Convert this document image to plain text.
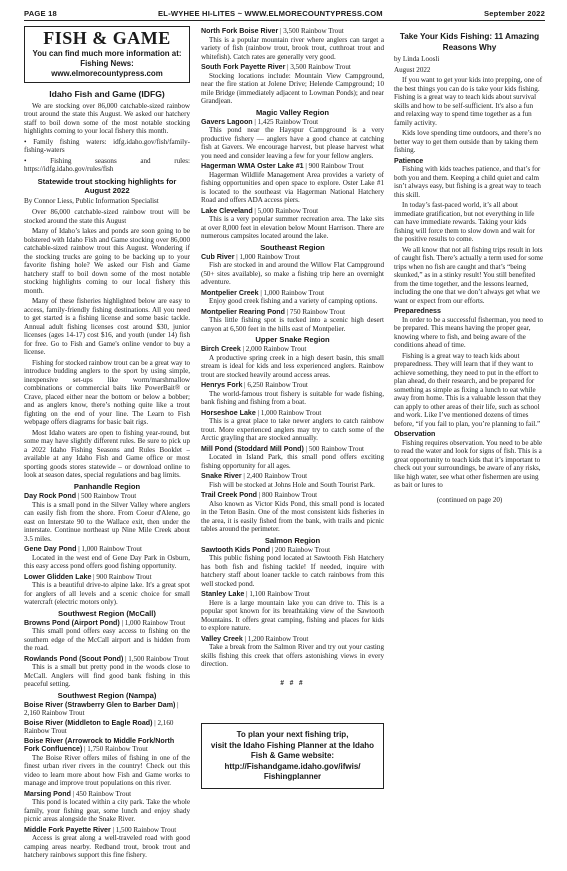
PAGE 18	EL-WYHEE HI-LITES ~ WWW.ELMORECOUNTYPRESS.COM	September 2022
FISH & GAME
You can find much more information at:
Fishing News: www.elmorecountypress.com
Idaho Fish and Game (IDFG)

We are stocking over 86,000 catchable-sized rainbow trout around the state this August. We asked our hatchery staff to boil down some of the most notable stocking highlights coming to your local fishery this month.

• Family fishing waters: idfg.idaho.gov/fish/family-fishing-waters

• Fishing seasons and rules: https://idfg.idaho.gov/rules/fish

Statewide trout stocking highlights for August 2022

By Connor Liess, Public Information Specialist

Over 86,000 catchable-sized rainbow trout will be stocked around the state this August

Many of Idaho’s lakes and ponds are soon going to be bolstered with Idaho Fish and Game stocking over 86,000 catchable-sized rainbow trout this August. Wondering if the stocking trucks are going to be backing up to your favorite fishing hole? We asked our Fish and Game hatchery staff to boil down some of the most notable stocking highlights coming to our local fishery this month.

Many of these fisheries highlighted below are easy to access, family-friendly fishing destinations. All you need to get started is a fishing license and some basic tackle. Annual adult fishing licenses cost around $30, junior licenses (ages 14-17) cost $16, and youth (under 14) fish for free. Go to Fish and Game's online vendor to buy a license.

Fishing for stocked rainbow trout can be a great way to introduce budding anglers to the sport by using simple, inexpensive set-ups like worm/marshmallow combinations or commercial baits like PowerBait® or Crave, placed either near the bottom or below a bobber; and as anglers know, there’s nothing quite like a trout fighting on the end of your line. The Learn to Fish webpage offers diagrams for basic bait rigs.

Most Idaho waters are open to fishing year-round, but some may have slightly different rules. Be sure to pick up a 2022 Idaho Fishing Seasons and Rules Booklet – available at any Idaho Fish and Game office or most sporting goods stores statewide – or download online to look at season dates, special regulations and bag limits.

Panhandle Region
Day Rock Pond | 500 Rainbow Trout

This is a small pond in the Silver Valley where anglers can easily fish from the shore. From Coeur d'Alene, go east on Interstate 90 to the Wallace exit, then under the interstate. Continue northeast up Nine Mile Creek about 3.5 miles.

Gene Day Pond | 1,000 Rainbow Trout

Located in the west end of Gene Day Park in Osburn, this easy access pond offers good fishing opportunity.

Lower Glidden Lake | 900 Rainbow Trout

This is a beautiful drive-to alpine lake. It's a great spot for anglers of all levels and a scenic choice for small watercraft (electric motors only).

Southwest Region (McCall)
Browns Pond (Airport Pond) | 1,000 Rainbow Trout

This small pond offers easy access to fishing on the southern edge of the McCall airport and is hidden from the road.

Rowlands Pond (Scout Pond) | 1,500 Rainbow Trout

This is a small but pretty pond in the woods close to McCall. Anglers will find good bank fishing in this peaceful setting.

Southwest Region (Nampa)
Boise River (Strawberry Glen to Barber Dam) | 2,160 Rainbow Trout
Boise River (Middleton to Eagle Road) | 2,160 Rainbow Trout
Boise River (Arrowrock to Middle Fork/North Fork Confluence) | 1,750 Rainbow Trout

The Boise River offers miles of fishing in one of the finest urban river rivers in the country! Check out this video to learn more about how Fish and Game works to manage and improve trout populations on this river.

Marsing Pond | 450 Rainbow Trout

This pond is located within a city park. Take the whole family, your fishing gear, some lunch and enjoy shady picnic areas alongside the Snake River.

Middle Fork Payette River | 1,500 Rainbow Trout

Access is great along a well-traveled road with good camping areas nearby. Redband trout, brook trout and hatchery rainbows support this fine fishery.

North Fork Boise River | 3,500 Rainbow Trout

This is a popular mountain river where anglers can target a variety of fish (rainbow trout, brook trout, cutthroat trout and whitefish). Catch rates are generally very good.

South Fork Payette River | 3,500 Rainbow Trout

Stocking locations include: Mountain View Campground, near the fire station at Jolene Drive; Helende Campground; 10 mile Bridge (immediately adjacent to Lowman Ponds); and near Grandjean.

Magic Valley Region
Gavers Lagoon | 1,425 Rainbow Trout

This pond near the Hayspur Campground is a very productive fishery — anglers have a good chance at catching fish at Gavers. We encourage harvest, but please harvest what you need and consider leaving a few for your fellow anglers.

Hagerman WMA Oster Lake #1 | 900 Rainbow Trout

Hagerman Wildlife Management Area provides a variety of fishing opportunities and open space to explore. Oster Lake #1 is located to the southeast via Hagerman National Hatchery Road and offers ADA access piers.

Lake Cleveland | 5,000 Rainbow Trout

This is a very popular summer recreation area. The lake sits at over 8,000 feet in elevation below Mount Harrison. There are numerous campsites located around the lake.

Southeast Region
Cub River | 1,000 Rainbow Trout

Fish are stocked in and around the Willow Flat Campground (50+ sites available), so make a fishing trip here an overnight adventure.

Montpelier Creek | 1,000 Rainbow Trout

Enjoy good creek fishing and a variety of camping options.

Montpelier Rearing Pond | 750 Rainbow Trout

This little fishing spot is tucked into a scenic high desert canyon at 6,500 feet in the hills east of Montpelier.

Upper Snake Region
Birch Creek | 2,000 Rainbow Trout

A productive spring creek in a high desert basin, this small stream is ideal for kids and less experienced anglers. Rainbow trout are stocked heavily around access areas.

Henrys Fork | 6,250 Rainbow Trout

The world-famous trout fishery is suitable for wade fishing, bank fishing and fishing from a boat.

Horseshoe Lake | 1,000 Rainbow Trout

This is a great place to take newer anglers to catch rainbow trout. More experienced anglers may try to catch some of the Arctic grayling that are stocked annually.

Mill Pond (Stoddard Mill Pond) | 500 Rainbow Trout

Located in Island Park, this small pond offers exciting fishing opportunity for all ages.

Snake River | 2,400 Rainbow Trout

Fish will be stocked at Johns Hole and South Tourist Park.

Trail Creek Pond | 800 Rainbow Trout

Also known as Victor Kids Pond, this small pond is located in the Teton Basin. One of the most consistent kids fisheries in the area, it is easily fished from the bank, with trails and picnic tables around the perimeter.

Salmon Region
Sawtooth Kids Pond | 200 Rainbow Trout

This public fishing pond located at Sawtooth Fish Hatchery has both fish and fishing tackle! If needed, inquire with hatchery staff about loaner tackle to catch rainbows from this well stocked pond.

Stanley Lake | 1,100 Rainbow Trout

Here is a large mountain lake you can drive to. This is a popular spot known for its breathtaking view of the Sawtooth Mountains. It offers great camping, fishing and places for kids to explore nature.

Valley Creek | 1,200 Rainbow Trout

Take a break from the Salmon River and try out your casting skills fishing this creek that offers astonishing views in every direction.

# # #
To plan your next fishing trip,
visit the Idaho Fishing Planner at the Idaho Fish & Game website:
http://Fishandgame.idaho.gov/ifwis/
Fishingplanner
Take Your Kids Fishing: 11 Amazing Reasons Why

by Linda Loosli

August 2022

If you want to get your kids into prepping, one of the best things you can do is take your kids fishing. Fishing is a great way to teach kids about survival skills and how to be self-sufficient. It's also a fun and relaxing way to spend time together as a fun family activity.

Kids love spending time outdoors, and there’s no better way to get them outside than by taking them fishing.

Patience

Fishing with kids teaches patience, and that’s for both you and them. Keeping a child quiet and calm isn’t always easy, but fishing is a great way to teach this skill.

In today’s fast-paced world, it’s all about immediate gratification, but not everything in life can have immediate rewards. Taking your kids fishing will force them to slow down and wait for the positive results to come.

We all know that not all fishing trips result in lots of caught fish. There’s actually a term used for some trips when no fish are caught and that’s “being skunked,” as in a stinky result! You still benefited from the time together, and the lessons learned, including the one that we don’t always get what we want or expect from our efforts.

Preparedness

In order to be a successful fisherman, you need to be prepared. This means having the proper gear, knowing where to fish, and being aware of the conditions ahead of time.

Fishing is a great way to teach kids about preparedness. They will learn that if they want to achieve something, they need to put in the effort to plan ahead, do their research, and be prepared for something as simple as fixing a lunch to eat while away from home. This is a valuable lesson that they can apply to other areas of their life, such as school and work. Like I’ve mentioned dozens of times before, “if you fail to plan, you’re planning to fail.”

Observation

Fishing requires observation. You need to be able to read the water and look for signs of fish. This is a great opportunity to teach kids that it’s important to check out your surroundings, be aware of any risks, like high water, see what other fishermen are using as bait or lures to

(continued on page 20)
